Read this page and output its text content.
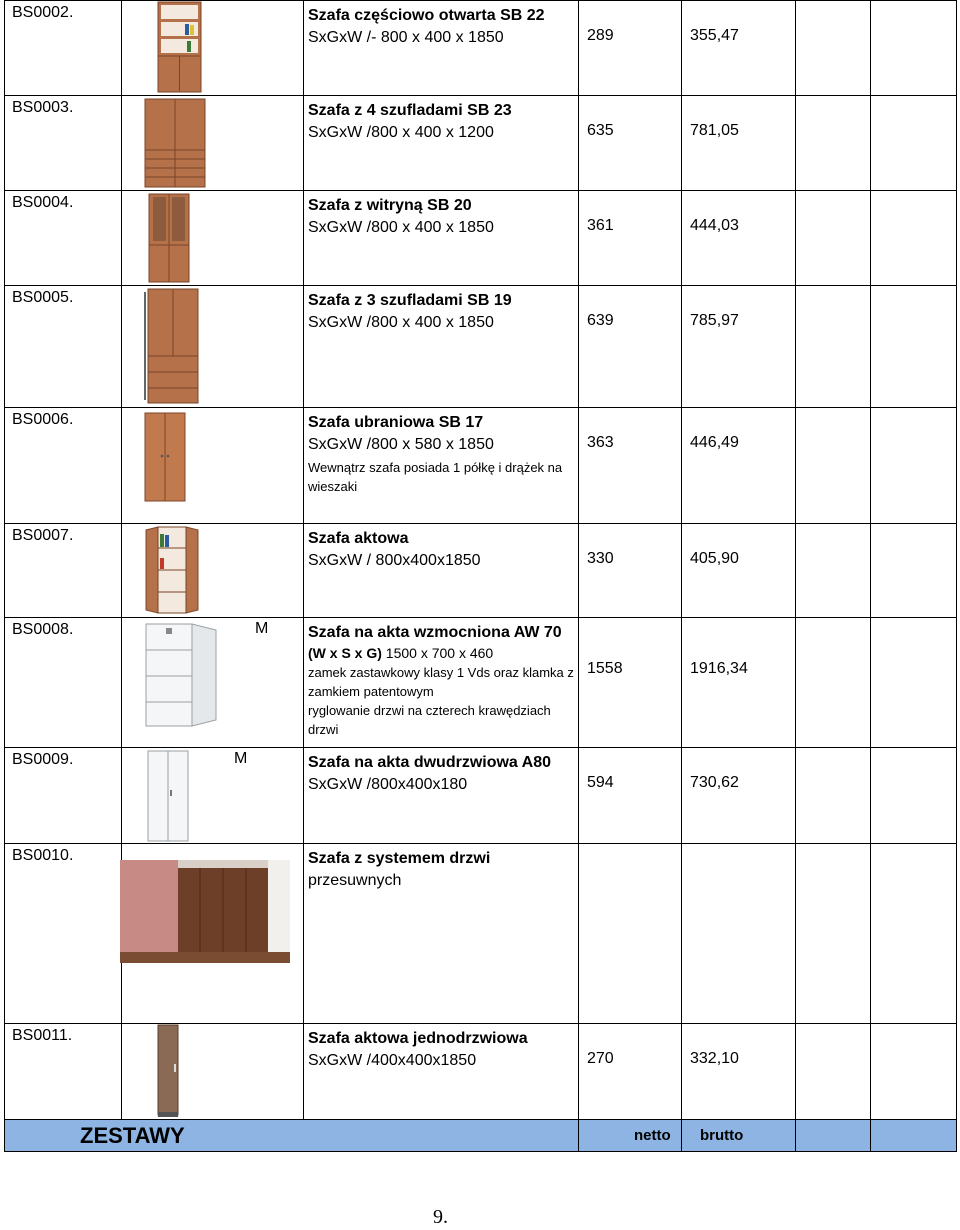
BS0002.		Szafa częściowo otwarta SB 22
SxGxW /- 800 x 400 x 1850	289	355,47		

BS0003.		Szafa z 4 szufladami SB 23
SxGxW /800 x 400 x 1200	635	781,05		

BS0004.		Szafa z witryną SB 20
SxGxW /800 x 400 x 1850	361	444,03		

BS0005.		Szafa z 3 szufladami SB 19
SxGxW /800 x 400 x 1850	639	785,97		

BS0006.		Szafa ubraniowa SB 17
SxGxW /800 x 580 x 1850
Wewnątrz szafa posiada 1 półkę i drążek na wieszaki	363	446,49		

BS0007.		Szafa aktowa
SxGxW / 800x400x1850	330	405,90		

BS0008.	M	Szafa na akta wzmocniona AW 70
(W x S x G) 1500 x 700 x 460
zamek zastawkowy klasy 1 Vds oraz klamka z zamkiem patentowym
ryglowanie drzwi na czterech krawędziach drzwi	1558	1916,34		

BS0009.	M	Szafa na akta dwudrzwiowa A80
SxGxW /800x400x180	594	730,62		

BS0010.		Szafa z systemem drzwi
przesuwnych				

BS0011.		Szafa aktowa jednodrzwiowa
SxGxW /400x400x1850	270	332,10		

ZESTAWY			netto	brutto		
9.
